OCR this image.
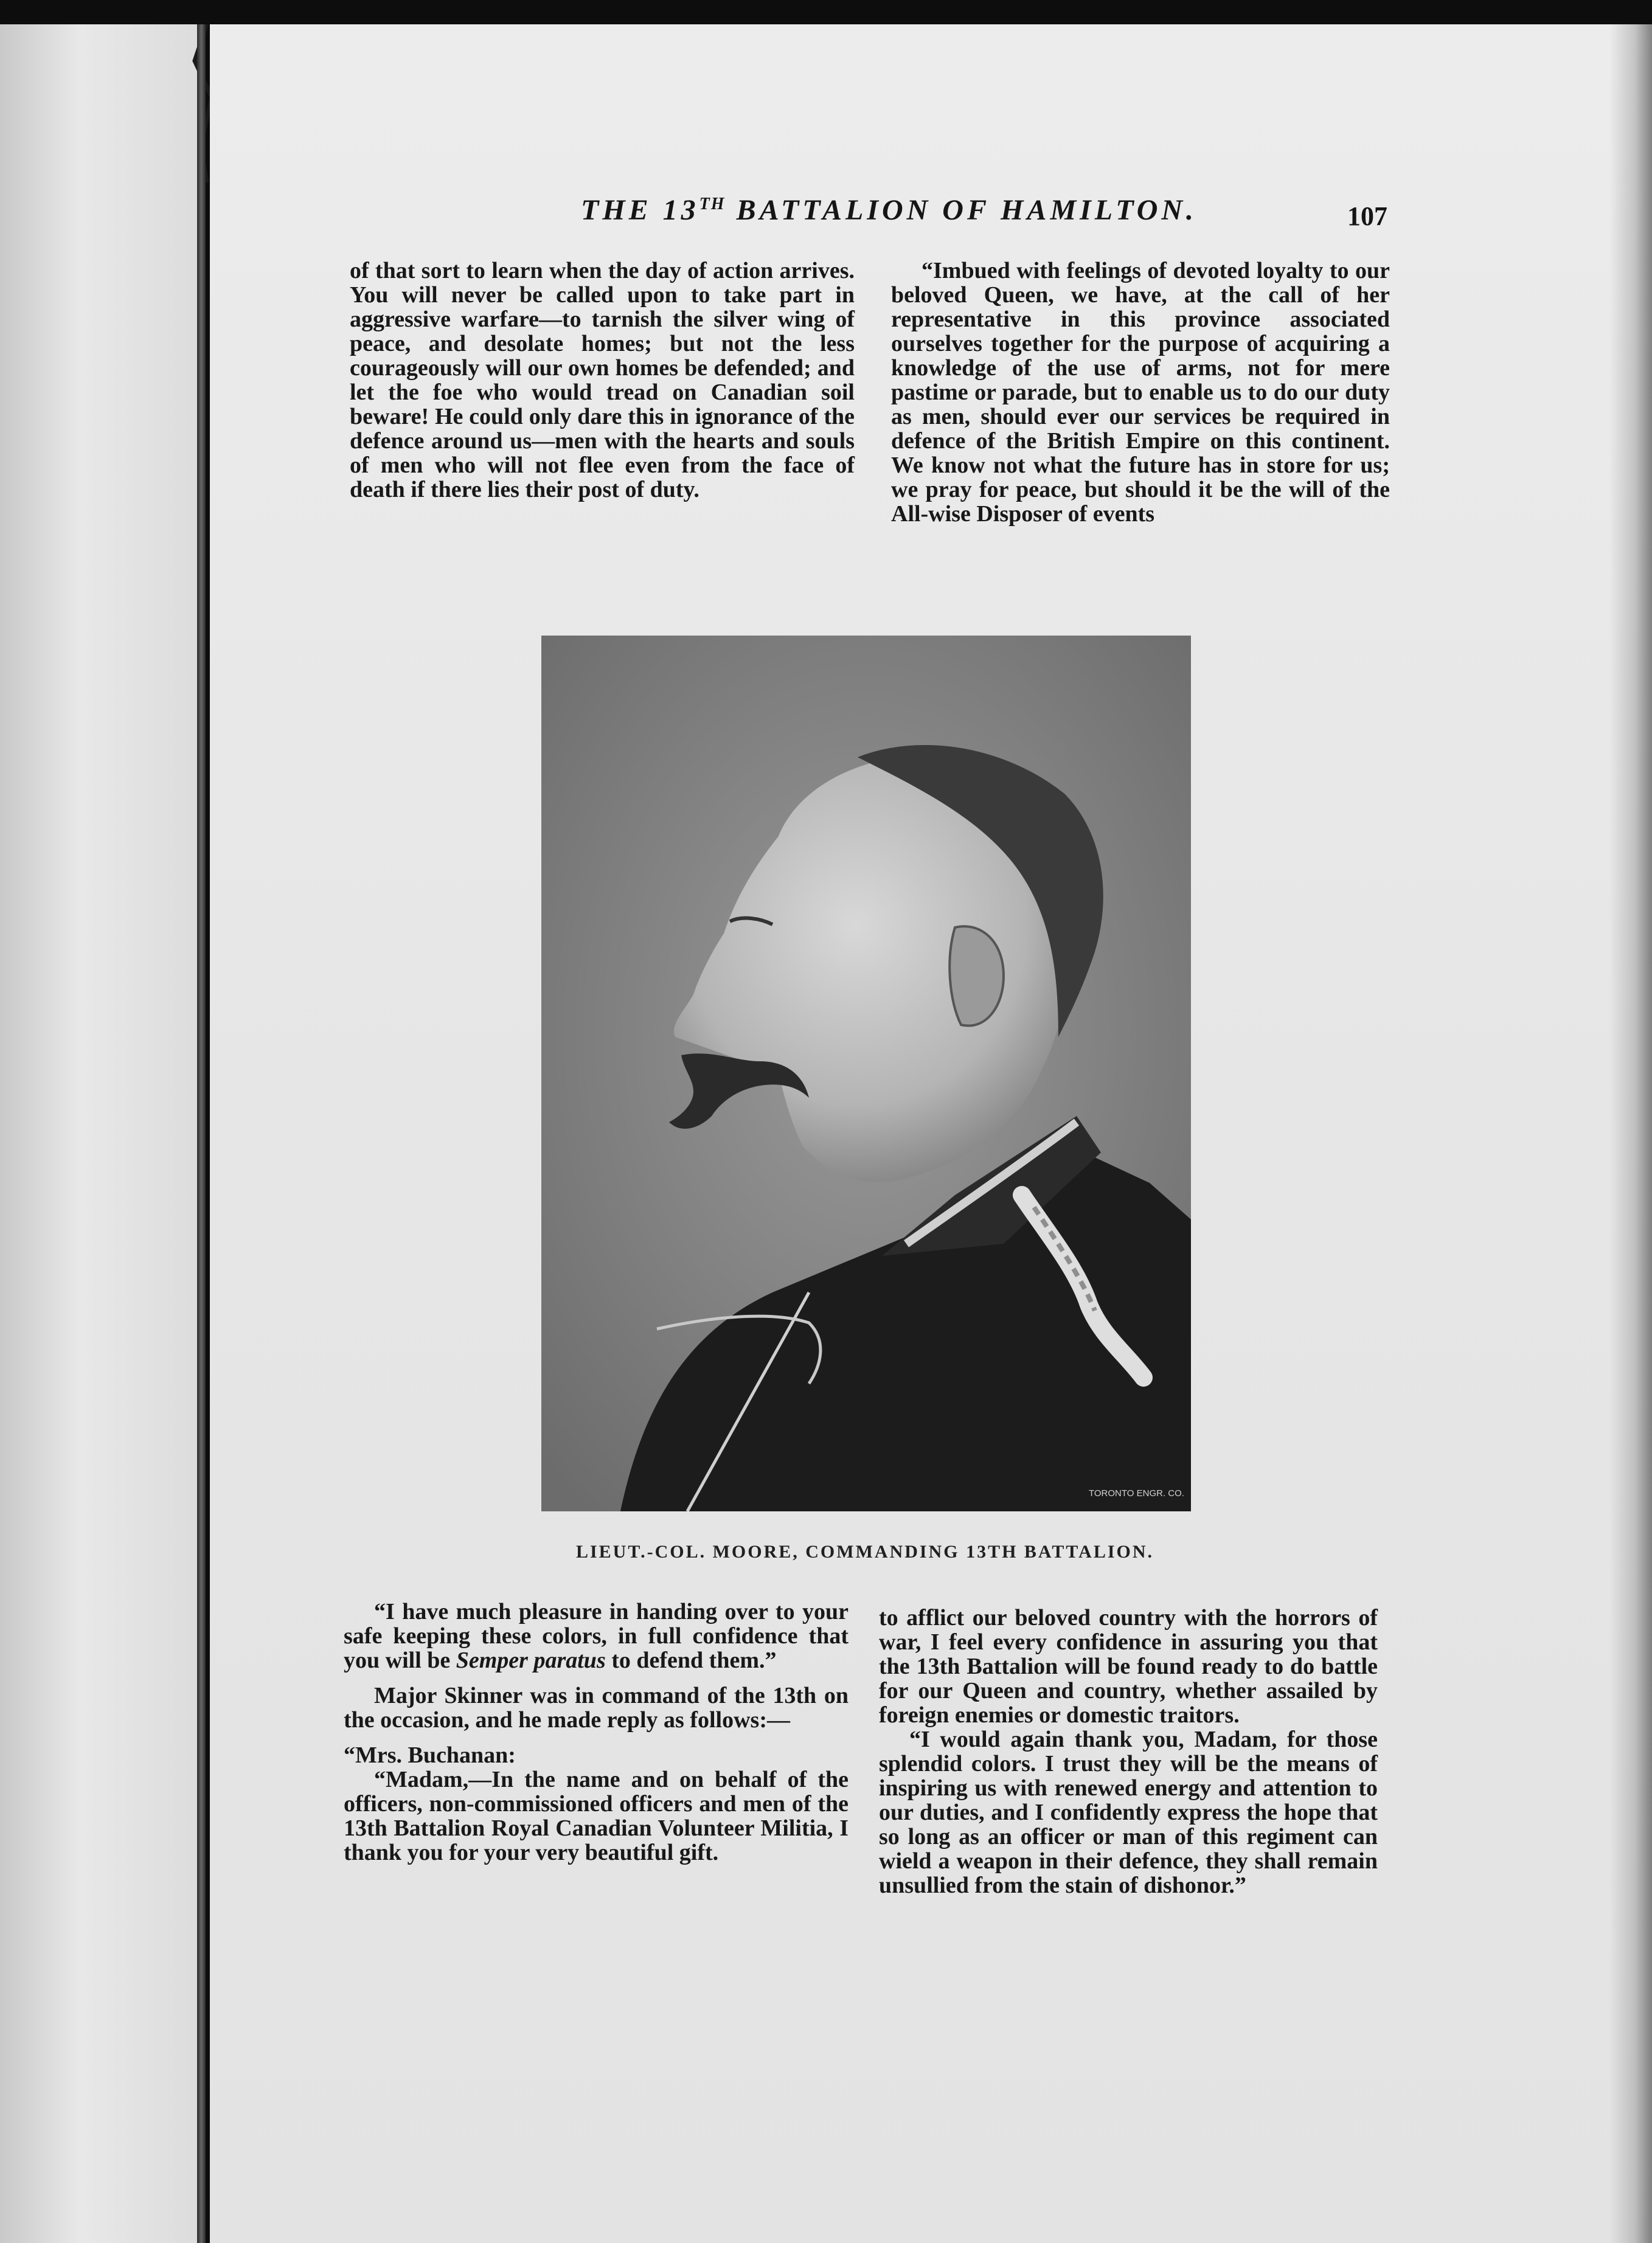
THE 13TH BATTALION OF HAMILTON.	107

of that sort to learn when the day of action arrives. You will never be called upon to take part in aggressive warfare—to tarnish the silver wing of peace, and desolate homes; but not the less courageously will our own homes be defended; and let the foe who would tread on Canadian soil beware! He could only dare this in ignorance of the defence around us—men with the hearts and souls of men who will not flee even from the face of death if there lies their post of duty.

“Imbued with feelings of devoted loyalty to our beloved Queen, we have, at the call of her representative in this province associated ourselves together for the purpose of acquiring a knowledge of the use of arms, not for mere pastime or parade, but to enable us to do our duty as men, should ever our services be required in defence of the British Empire on this continent. We know not what the future has in store for us; we pray for peace, but should it be the will of the All-wise Disposer of events

TORONTO ENGR. CO.
LIEUT.-COL. MOORE, COMMANDING 13TH BATTALION.

“I have much pleasure in handing over to your safe keeping these colors, in full confidence that you will be Semper paratus to defend them.”

Major Skinner was in command of the 13th on the occasion, and he made reply as follows:—

“Mrs. Buchanan:

“Madam,—In the name and on behalf of the officers, non-commissioned officers and men of the 13th Battalion Royal Canadian Volunteer Militia, I thank you for your very beautiful gift.

to afflict our beloved country with the horrors of war, I feel every confidence in assuring you that the 13th Battalion will be found ready to do battle for our Queen and country, whether assailed by foreign enemies or domestic traitors.

“I would again thank you, Madam, for those splendid colors. I trust they will be the means of inspiring us with renewed energy and attention to our duties, and I confidently express the hope that so long as an officer or man of this regiment can wield a weapon in their defence, they shall remain unsullied from the stain of dishonor.”
